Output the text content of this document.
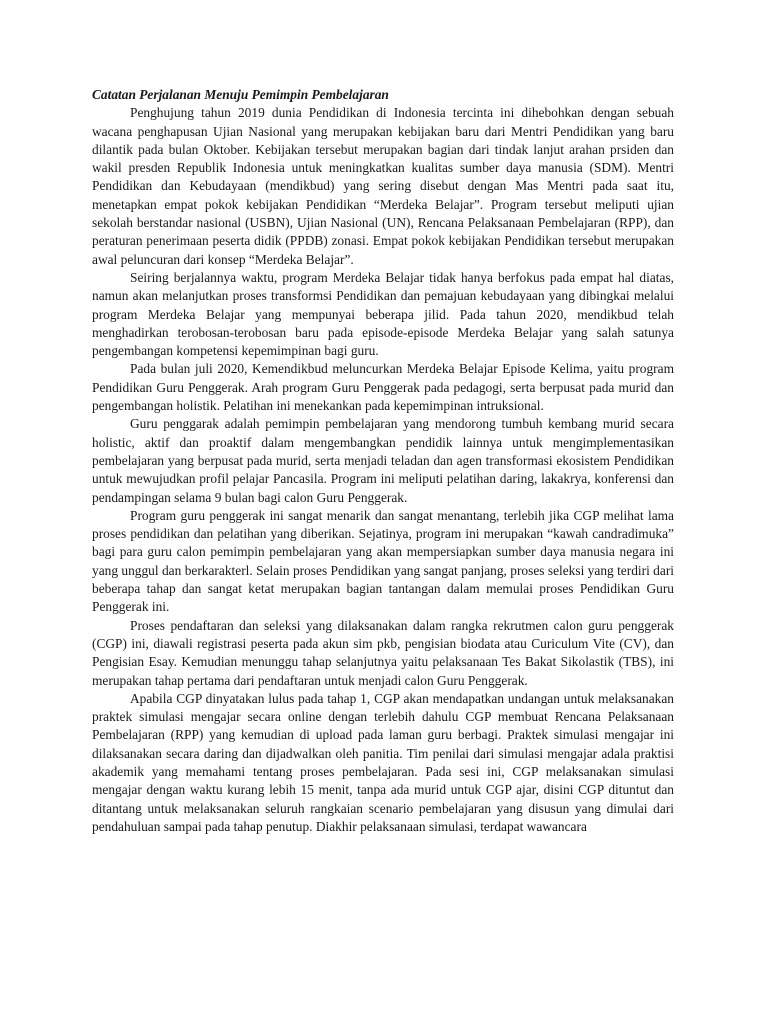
Catatan Perjalanan Menuju Pemimpin Pembelajaran

Penghujung tahun 2019 dunia Pendidikan di Indonesia tercinta ini dihebohkan dengan sebuah wacana penghapusan Ujian Nasional yang merupakan kebijakan baru dari Mentri Pendidikan yang baru dilantik pada bulan Oktober. Kebijakan tersebut merupakan bagian dari tindak lanjut arahan prsiden dan wakil presden Republik Indonesia untuk meningkatkan kualitas sumber daya manusia (SDM). Mentri Pendidikan dan Kebudayaan (mendikbud) yang sering disebut dengan Mas Mentri pada saat itu, menetapkan empat pokok kebijakan Pendidikan “Merdeka Belajar”. Program tersebut meliputi ujian sekolah berstandar nasional (USBN), Ujian Nasional (UN), Rencana Pelaksanaan Pembelajaran (RPP), dan peraturan penerimaan peserta didik (PPDB) zonasi. Empat pokok kebijakan Pendidikan tersebut merupakan awal peluncuran dari konsep “Merdeka Belajar”.

Seiring berjalannya waktu, program Merdeka Belajar tidak hanya berfokus pada empat hal diatas, namun akan melanjutkan proses transformsi Pendidikan dan pemajuan kebudayaan yang dibingkai melalui program Merdeka Belajar yang mempunyai beberapa jilid. Pada tahun 2020, mendikbud telah menghadirkan terobosan-terobosan baru pada episode-episode Merdeka Belajar yang salah satunya pengembangan kompetensi kepemimpinan bagi guru.

Pada bulan juli 2020, Kemendikbud meluncurkan Merdeka Belajar Episode Kelima, yaitu program Pendidikan Guru Penggerak. Arah program Guru Penggerak pada pedagogi, serta berpusat pada murid dan pengembangan holistik. Pelatihan ini menekankan pada kepemimpinan intruksional.

Guru penggarak adalah pemimpin pembelajaran yang mendorong tumbuh kembang murid secara holistic, aktif dan proaktif dalam mengembangkan pendidik lainnya untuk mengimplementasikan pembelajaran yang berpusat pada murid, serta menjadi teladan dan agen transformasi ekosistem Pendidikan untuk mewujudkan profil pelajar Pancasila. Program ini meliputi pelatihan daring, lakakrya, konferensi dan pendampingan selama 9 bulan bagi calon Guru Penggerak.

Program guru penggerak ini sangat menarik dan sangat menantang, terlebih jika CGP melihat lama proses pendidikan dan pelatihan yang diberikan. Sejatinya, program ini merupakan “kawah candradimuka” bagi para guru calon pemimpin pembelajaran yang akan mempersiapkan sumber daya manusia negara ini yang unggul dan berkarakterl. Selain proses Pendidikan yang sangat panjang, proses seleksi yang terdiri dari beberapa tahap dan sangat ketat merupakan bagian tantangan dalam memulai proses Pendidikan Guru Penggerak ini.

Proses pendaftaran dan seleksi yang dilaksanakan dalam rangka rekrutmen calon guru penggerak (CGP) ini, diawali registrasi peserta pada akun sim pkb, pengisian biodata atau Curiculum Vite (CV), dan Pengisian Esay. Kemudian menunggu tahap selanjutnya yaitu pelaksanaan Tes Bakat Sikolastik (TBS), ini merupakan tahap pertama dari pendaftaran untuk menjadi calon Guru Penggerak.

Apabila CGP dinyatakan lulus pada tahap 1, CGP akan mendapatkan undangan untuk melaksanakan praktek simulasi mengajar secara online dengan terlebih dahulu CGP membuat Rencana Pelaksanaan Pembelajaran (RPP) yang kemudian di upload pada laman guru berbagi. Praktek simulasi mengajar ini dilaksanakan secara daring dan dijadwalkan oleh panitia. Tim penilai dari simulasi mengajar adala praktisi akademik yang memahami tentang proses pembelajaran. Pada sesi ini, CGP melaksanakan simulasi mengajar dengan waktu kurang lebih 15 menit, tanpa ada murid untuk CGP ajar, disini CGP dituntut dan ditantang untuk melaksanakan seluruh rangkaian scenario pembelajaran yang disusun yang dimulai dari pendahuluan sampai pada tahap penutup. Diakhir pelaksanaan simulasi, terdapat wawancara
